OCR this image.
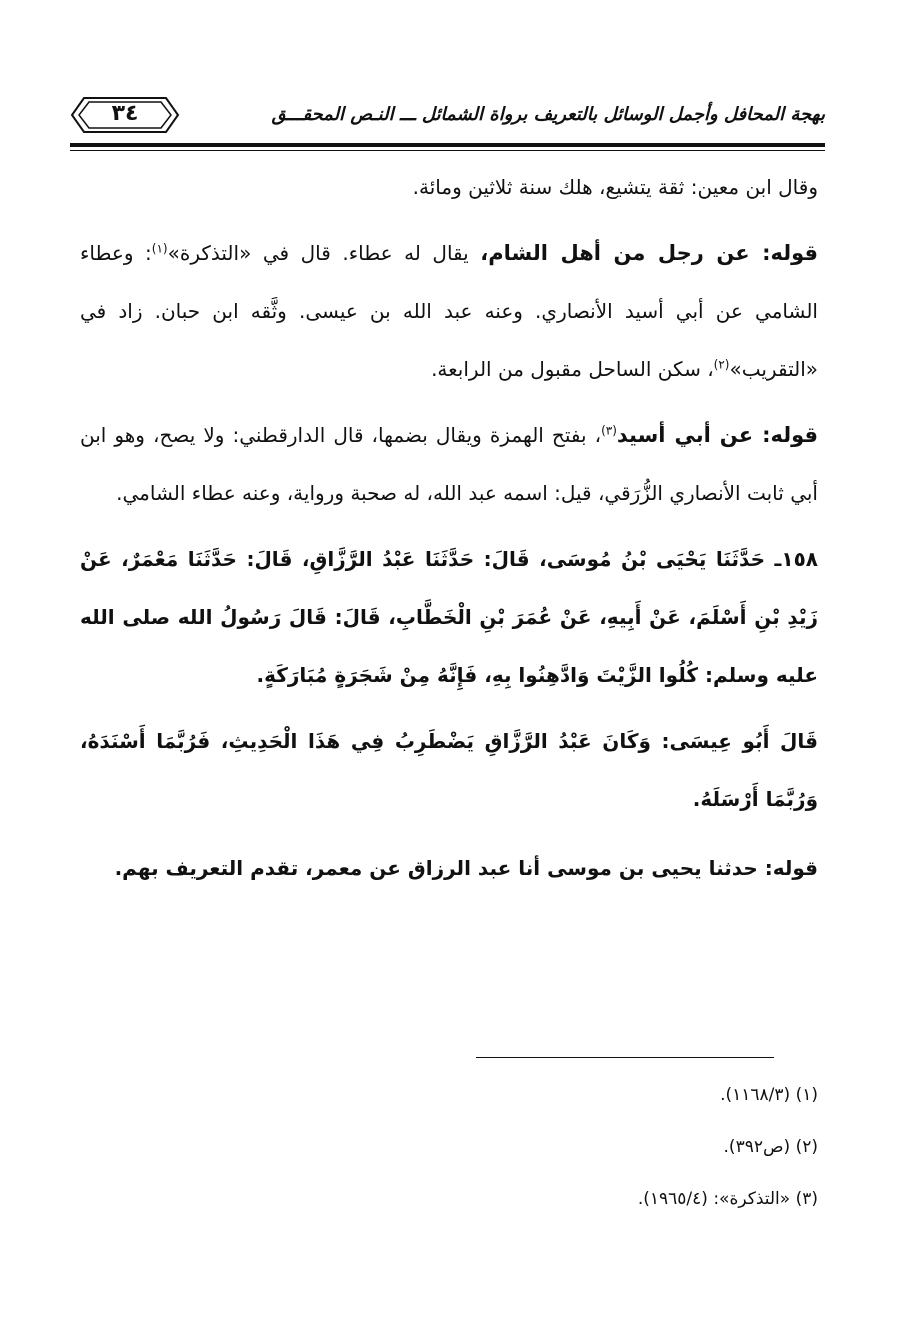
٣٤	بهجة المحافل وأجمل الوسائل بالتعريف برواة الشمائل ـــ النـص المحقـــق

وقال ابن معين: ثقة يتشيع، هلك سنة ثلاثين ومائة.

قوله: عن رجل من أهل الشام، يقال له عطاء. قال في «التذكرة»$^{(١)}$: وعطاء الشامي عن أبي أسيد الأنصاري. وعنه عبد الله بن عيسى. وثَّقه ابن حبان. زاد في «التقريب»$^{(٢)}$، سكن الساحل مقبول من الرابعة.

قوله: عن أبي أسيد$^{(٣)}$، بفتح الهمزة ويقال بضمها، قال الدارقطني: ولا يصح، وهو ابن أبي ثابت الأنصاري الزُّرَقي، قيل: اسمه عبد الله، له صحبة ورواية، وعنه عطاء الشامي.

١٥٨ـ حَدَّثَنَا يَحْيَى بْنُ مُوسَى، قَالَ: حَدَّثَنَا عَبْدُ الرَّزَّاقِ، قَالَ: حَدَّثَنَا مَعْمَرٌ، عَنْ زَيْدِ بْنِ أَسْلَمَ، عَنْ أَبِيهِ، عَنْ عُمَرَ بْنِ الْخَطَّابِ، قَالَ: قَالَ رَسُولُ الله صلى الله عليه وسلم: كُلُوا الزَّيْتَ وَادَّهِنُوا بِهِ، فَإِنَّهُ مِنْ شَجَرَةٍ مُبَارَكَةٍ.

قَالَ أَبُو عِيسَى: وَكَانَ عَبْدُ الرَّزَّاقِ يَضْطَرِبُ فِي هَذَا الْحَدِيثِ، فَرُبَّمَا أَسْنَدَهُ، وَرُبَّمَا أَرْسَلَهُ.

قوله: حدثنا يحيى بن موسى أنا عبد الرزاق عن معمر، تقدم التعريف بهم.

(١) (١١٦٨/٣).
(٢) (ص٣٩٢).
(٣) «التذكرة»: (١٩٦٥/٤).
